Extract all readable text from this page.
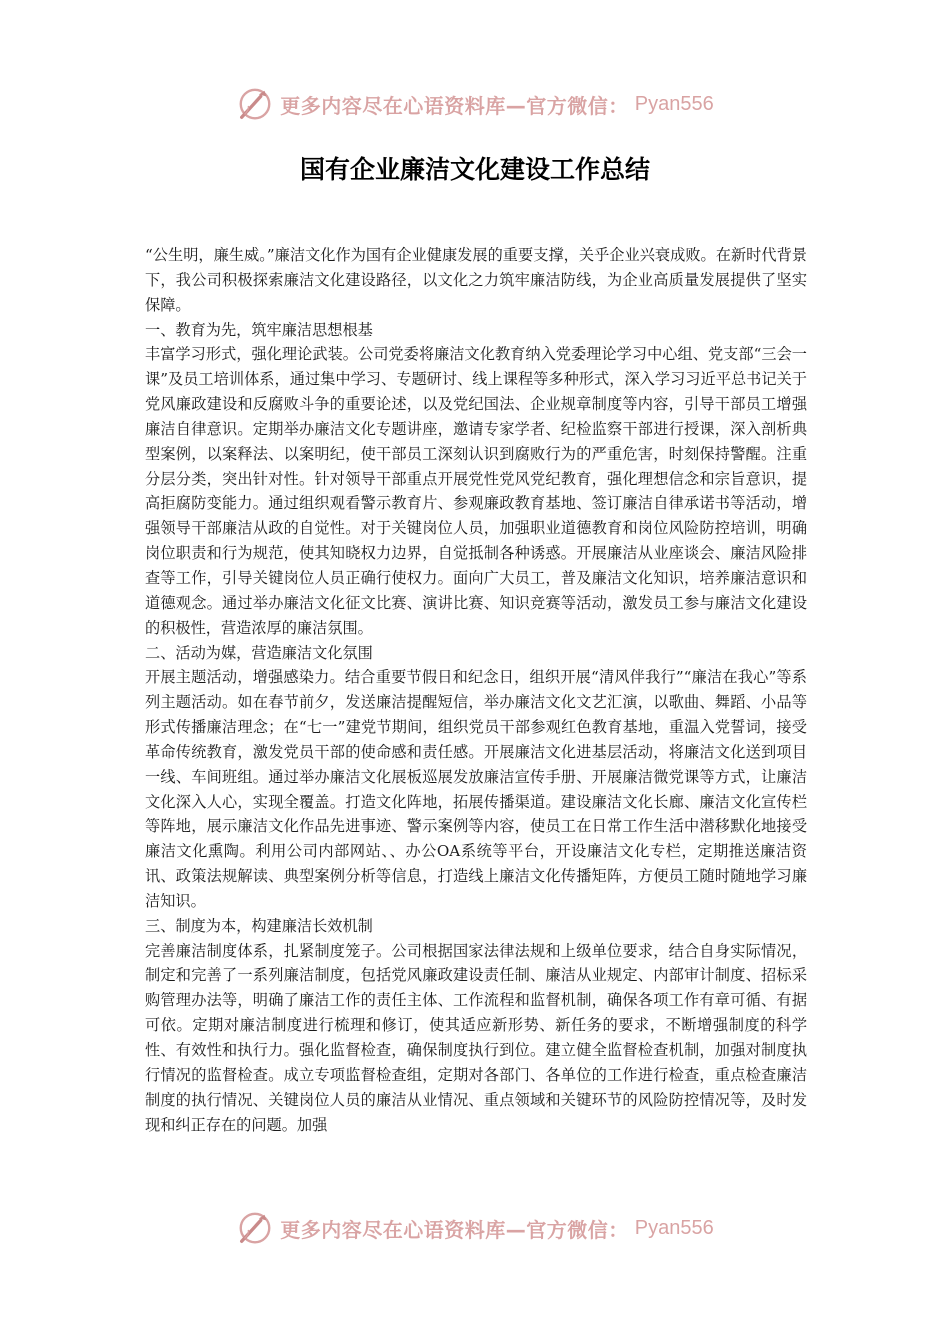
更多内容尽在心语资料库—官方微信： Pyan556
国有企业廉洁文化建设工作总结

“公生明，廉生威。”廉洁文化作为国有企业健康发展的重要支撑，关乎企业兴衰成败。在新时代背景下，我公司积极探索廉洁文化建设路径，以文化之力筑牢廉洁防线，为企业高质量发展提供了坚实保障。

一、教育为先，筑牢廉洁思想根基

丰富学习形式，强化理论武装。公司党委将廉洁文化教育纳入党委理论学习中心组、党支部“三会一课”及员工培训体系，通过集中学习、专题研讨、线上课程等多种形式，深入学习习近平总书记关于党风廉政建设和反腐败斗争的重要论述，以及党纪国法、企业规章制度等内容，引导干部员工增强廉洁自律意识。定期举办廉洁文化专题讲座，邀请专家学者、纪检监察干部进行授课，深入剖析典型案例，以案释法、以案明纪，使干部员工深刻认识到腐败行为的严重危害，时刻保持警醒。注重分层分类，突出针对性。针对领导干部重点开展党性党风党纪教育，强化理想信念和宗旨意识，提高拒腐防变能力。通过组织观看警示教育片、参观廉政教育基地、签订廉洁自律承诺书等活动，增强领导干部廉洁从政的自觉性。对于关键岗位人员，加强职业道德教育和岗位风险防控培训，明确岗位职责和行为规范，使其知晓权力边界，自觉抵制各种诱惑。开展廉洁从业座谈会、廉洁风险排查等工作，引导关键岗位人员正确行使权力。面向广大员工，普及廉洁文化知识，培养廉洁意识和道德观念。通过举办廉洁文化征文比赛、演讲比赛、知识竞赛等活动，激发员工参与廉洁文化建设的积极性，营造浓厚的廉洁氛围。

二、活动为媒，营造廉洁文化氛围

开展主题活动，增强感染力。结合重要节假日和纪念日，组织开展“清风伴我行”“廉洁在我心”等系列主题活动。如在春节前夕，发送廉洁提醒短信，举办廉洁文化文艺汇演，以歌曲、舞蹈、小品等形式传播廉洁理念；在“七一”建党节期间，组织党员干部参观红色教育基地，重温入党誓词，接受革命传统教育，激发党员干部的使命感和责任感。开展廉洁文化进基层活动，将廉洁文化送到项目一线、车间班组。通过举办廉洁文化展板巡展发放廉洁宣传手册、开展廉洁微党课等方式，让廉洁文化深入人心，实现全覆盖。打造文化阵地，拓展传播渠道。建设廉洁文化长廊、廉洁文化宣传栏等阵地，展示廉洁文化作品先进事迹、警示案例等内容，使员工在日常工作生活中潜移默化地接受廉洁文化熏陶。利用公司内部网站、、办公OA系统等平台，开设廉洁文化专栏，定期推送廉洁资讯、政策法规解读、典型案例分析等信息，打造线上廉洁文化传播矩阵，方便员工随时随地学习廉洁知识。

三、制度为本，构建廉洁长效机制

完善廉洁制度体系，扎紧制度笼子。公司根据国家法律法规和上级单位要求，结合自身实际情况，制定和完善了一系列廉洁制度，包括党风廉政建设责任制、廉洁从业规定、内部审计制度、招标采购管理办法等，明确了廉洁工作的责任主体、工作流程和监督机制，确保各项工作有章可循、有据可依。定期对廉洁制度进行梳理和修订，使其适应新形势、新任务的要求，不断增强制度的科学性、有效性和执行力。强化监督检查，确保制度执行到位。建立健全监督检查机制，加强对制度执行情况的监督检查。成立专项监督检查组，定期对各部门、各单位的工作进行检查，重点检查廉洁制度的执行情况、关键岗位人员的廉洁从业情况、重点领域和关键环节的风险防控情况等，及时发现和纠正存在的问题。加强

更多内容尽在心语资料库—官方微信： Pyan556
